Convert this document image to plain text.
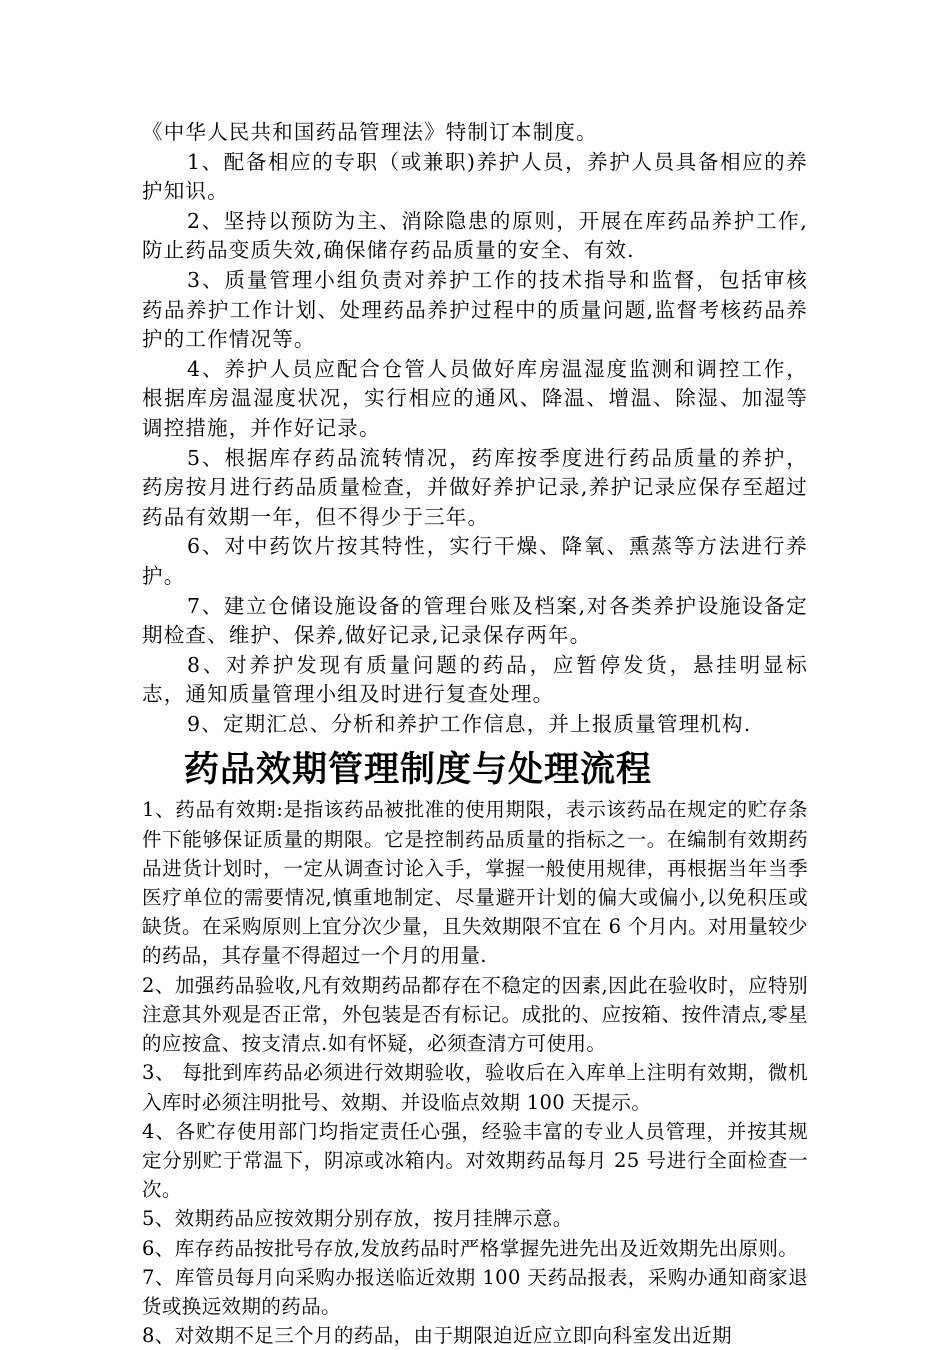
《中华人民共和国药品管理法》特制订本制度。

1、配备相应的专职（或兼职)养护人员，养护人员具备相应的养护知识。

2、坚持以预防为主、消除隐患的原则，开展在库药品养护工作,防止药品变质失效,确保储存药品质量的安全、有效.

3、质量管理小组负责对养护工作的技术指导和监督，包括审核药品养护工作计划、处理药品养护过程中的质量问题,监督考核药品养护的工作情况等。

4、养护人员应配合仓管人员做好库房温湿度监测和调控工作，根据库房温湿度状况，实行相应的通风、降温、增温、除湿、加湿等调控措施，并作好记录。

5、根据库存药品流转情况，药库按季度进行药品质量的养护，药房按月进行药品质量检查，并做好养护记录,养护记录应保存至超过药品有效期一年，但不得少于三年。

6、对中药饮片按其特性，实行干燥、降氧、熏蒸等方法进行养护。

7、建立仓储设施设备的管理台账及档案,对各类养护设施设备定期检查、维护、保养,做好记录,记录保存两年。

8、对养护发现有质量问题的药品，应暂停发货，悬挂明显标志，通知质量管理小组及时进行复查处理。

9、定期汇总、分析和养护工作信息，并上报质量管理机构.

药品效期管理制度与处理流程

1、药品有效期:是指该药品被批准的使用期限，表示该药品在规定的贮存条件下能够保证质量的期限。它是控制药品质量的指标之一。在编制有效期药品进货计划时，一定从调查讨论入手，掌握一般使用规律，再根据当年当季医疗单位的需要情况,慎重地制定、尽量避开计划的偏大或偏小,以免积压或缺货。在采购原则上宜分次少量，且失效期限不宜在 6 个月内。对用量较少的药品，其存量不得超过一个月的用量.

2、加强药品验收,凡有效期药品都存在不稳定的因素,因此在验收时，应特别注意其外观是否正常，外包装是否有标记。成批的、应按箱、按件清点,零星的应按盒、按支清点.如有怀疑，必须查清方可使用。

3、 每批到库药品必须进行效期验收，验收后在入库单上注明有效期，微机入库时必须注明批号、效期、并设临点效期 100 天提示。

4、各贮存使用部门均指定责任心强，经验丰富的专业人员管理，并按其规定分别贮于常温下，阴凉或冰箱内。对效期药品每月 25 号进行全面检查一次。

5、效期药品应按效期分别存放，按月挂牌示意。

6、库存药品按批号存放,发放药品时严格掌握先进先出及近效期先出原则。

7、库管员每月向采购办报送临近效期 100 天药品报表，采购办通知商家退货或换远效期的药品。

8、对效期不足三个月的药品，由于期限迫近应立即向科室发出近期
